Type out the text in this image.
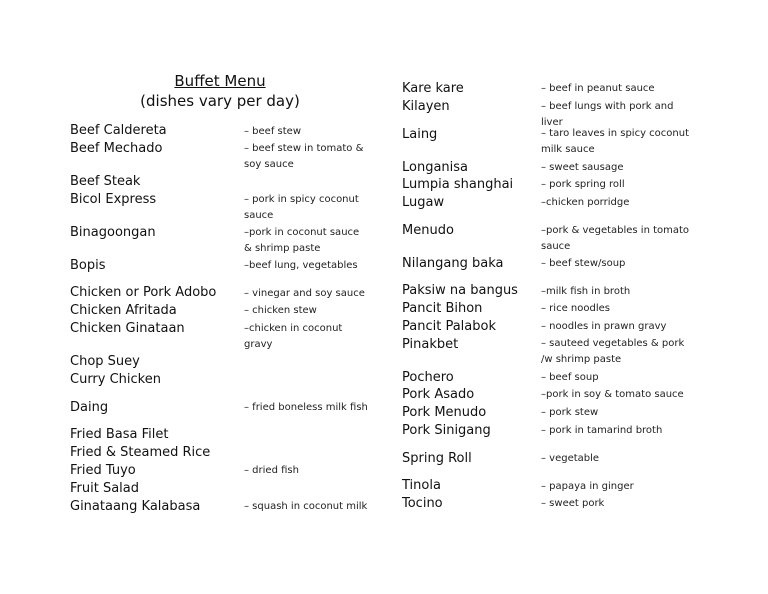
Buffet Menu
(dishes vary per day)
Beef Caldereta	– beef stew
Beef Mechado	– beef stew in tomato & soy sauce
Beef Steak
Bicol Express	– pork in spicy coconut sauce
Binagoongan	–pork in coconut sauce & shrimp paste
Bopis	–beef lung, vegetables
Chicken or Pork Adobo	– vinegar and soy sauce
Chicken Afritada	– chicken stew
Chicken Ginataan	–chicken in coconut gravy
Chop Suey
Curry Chicken
Daing	– fried boneless milk fish
Fried Basa Filet
Fried & Steamed Rice
Fried Tuyo	– dried fish
Fruit Salad
Ginataang Kalabasa	– squash in coconut milk
Kare kare	– beef in peanut sauce
Kilayen	– beef lungs with pork and liver
Laing	– taro leaves in spicy coconut milk sauce
Longanisa	– sweet sausage
Lumpia shanghai	– pork spring roll
Lugaw	–chicken porridge
Menudo	–pork & vegetables in tomato sauce
Nilangang baka	– beef stew/soup
Paksiw na bangus –milk fish in broth
Pancit Bihon	– rice noodles
Pancit Palabok	– noodles in prawn gravy
Pinakbet	– sauteed vegetables & pork /w shrimp paste
Pochero	– beef soup
Pork Asado	–pork in soy & tomato sauce
Pork Menudo	– pork stew
Pork Sinigang	– pork in tamarind broth
Spring Roll	– vegetable
Tinola	– papaya in ginger
Tocino	– sweet pork
